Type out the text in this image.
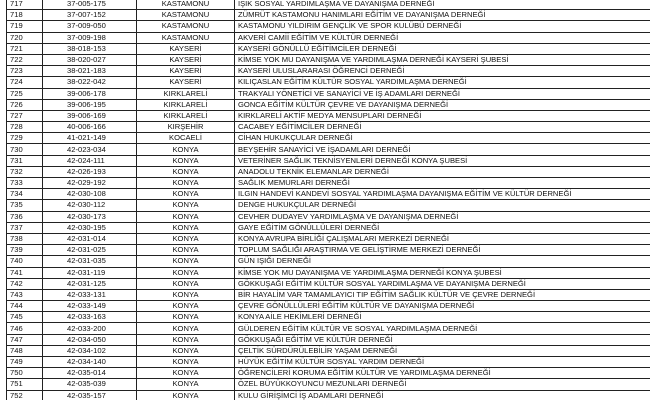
717	37-005-175	KASTAMONU	IŞIK SOSYAL YARDIMLAŞMA VE DAYANIŞMA DERNEĞİ
718	37-007-152	KASTAMONU	ZÜMRÜT KASTAMONU HANIMLARI EĞİTİM VE DAYANIŞMA DERNEĞİ
719	37-009-050	KASTAMONU	KASTAMONU YILDIRIM GENÇLİK VE SPOR KULÜBÜ DERNEĞİ
720	37-009-198	KASTAMONU	AKVERİ CAMİİ EĞİTİM VE KÜLTÜR DERNEĞİ
721	38-018-153	KAYSERİ	KAYSERİ GÖNÜLLÜ EĞİTİMCİLER DERNEĞİ
722	38-020-027	KAYSERİ	KİMSE YOK MU DAYANIŞMA VE YARDIMLAŞMA DERNEĞİ KAYSERİ ŞUBESİ
723	38-021-183	KAYSERİ	KAYSERİ ULUSLARARASI ÖĞRENCİ DERNEĞİ
724	38-022-042	KAYSERİ	KILIÇASLAN EĞİTİM KÜLTÜR SOSYAL YARDIMLAŞMA DERNEĞİ
725	39-006-178	KIRKLARELİ	TRAKYALI YÖNETİCİ VE SANAYİCİ VE İŞ ADAMLARI DERNEĞİ
726	39-006-195	KIRKLARELİ	GONCA EĞİTİM KÜLTÜR ÇEVRE VE DAYANIŞMA DERNEĞİ
727	39-006-169	KIRKLARELİ	KIRKLARELİ AKTİF MEDYA MENSUPLARI DERNEĞİ
728	40-006-166	KIRŞEHİR	CACABEY EĞİTİMCİLER DERNEĞİ
729	41-021-149	KOCAELİ	CİHAN HUKUKÇULAR DERNEĞİ
730	42-023-034	KONYA	BEYŞEHİR SANAYİCİ VE İŞADAMLARI DERNEĞİ
731	42-024-111	KONYA	VETERİNER SAĞLIK TEKNİSYENLERİ DERNEĞİ KONYA ŞUBESİ
732	42-026-193	KONYA	ANADOLU TEKNİK ELEMANLAR DERNEĞİ
733	42-029-192	KONYA	SAĞLIK MEMURLARI DERNEĞİ
734	42-030-108	KONYA	ILGIN HANDEVİ KANDEVİ SOSYAL YARDIMLAŞMA DAYANIŞMA EĞİTİM VE KÜLTÜR DERNEĞİ
735	42-030-112	KONYA	DENGE HUKUKÇULAR DERNEĞİ
736	42-030-173	KONYA	CEVHER DUDAYEV YARDIMLAŞMA VE DAYANIŞMA DERNEĞİ
737	42-030-195	KONYA	GAYE EĞİTİM GÖNÜLLÜLERİ DERNEĞİ
738	42-031-014	KONYA	KONYA AVRUPA BİRLİĞİ ÇALIŞMALARI MERKEZİ DERNEĞİ
739	42-031-025	KONYA	TOPLUM SAĞLIĞI ARAŞTIRMA VE GELİŞTİRME MERKEZİ DERNEĞİ
740	42-031-035	KONYA	GÜN IŞIĞI DERNEĞİ
741	42-031-119	KONYA	KİMSE YOK MU DAYANIŞMA VE YARDIMLAŞMA DERNEĞİ KONYA ŞUBESİ
742	42-031-125	KONYA	GÖKKUŞAĞI EĞİTİM KÜLTÜR SOSYAL YARDIMLAŞMA VE DAYANIŞMA DERNEĞİ
743	42-033-131	KONYA	BİR HAYALİM VAR TAMAMLAYICI TIP EĞİTİM SAĞLIK KÜLTÜR VE ÇEVRE DERNEĞİ
744	42-033-149	KONYA	ÇEVRE GÖNÜLLÜLERİ EĞİTİM KÜLTÜR VE DAYANIŞMA DERNEĞİ
745	42-033-163	KONYA	KONYA AİLE HEKİMLERİ DERNEĞİ
746	42-033-200	KONYA	GÜLDEREN EĞİTİM KÜLTÜR VE SOSYAL YARDIMLAŞMA DERNEĞİ
747	42-034-050	KONYA	GÖKKUŞAĞI EĞİTİM VE KÜLTÜR DERNEĞİ
748	42-034-102	KONYA	ÇELTİK SÜRDÜRÜLEBİLİR YAŞAM DERNEĞİ
749	42-034-140	KONYA	HÜYÜK EĞİTİM KÜLTÜR SOSYAL YARDIM DERNEĞİ
750	42-035-014	KONYA	ÖĞRENCİLERİ KORUMA EĞİTİM KÜLTÜR VE YARDIMLAŞMA DERNEĞİ
751	42-035-039	KONYA	ÖZEL BÜYÜKKOYUNCU MEZUNLARI DERNEĞİ
752	42-035-157	KONYA	KULU GİRİŞİMCİ İŞ ADAMLARI DERNEĞİ
